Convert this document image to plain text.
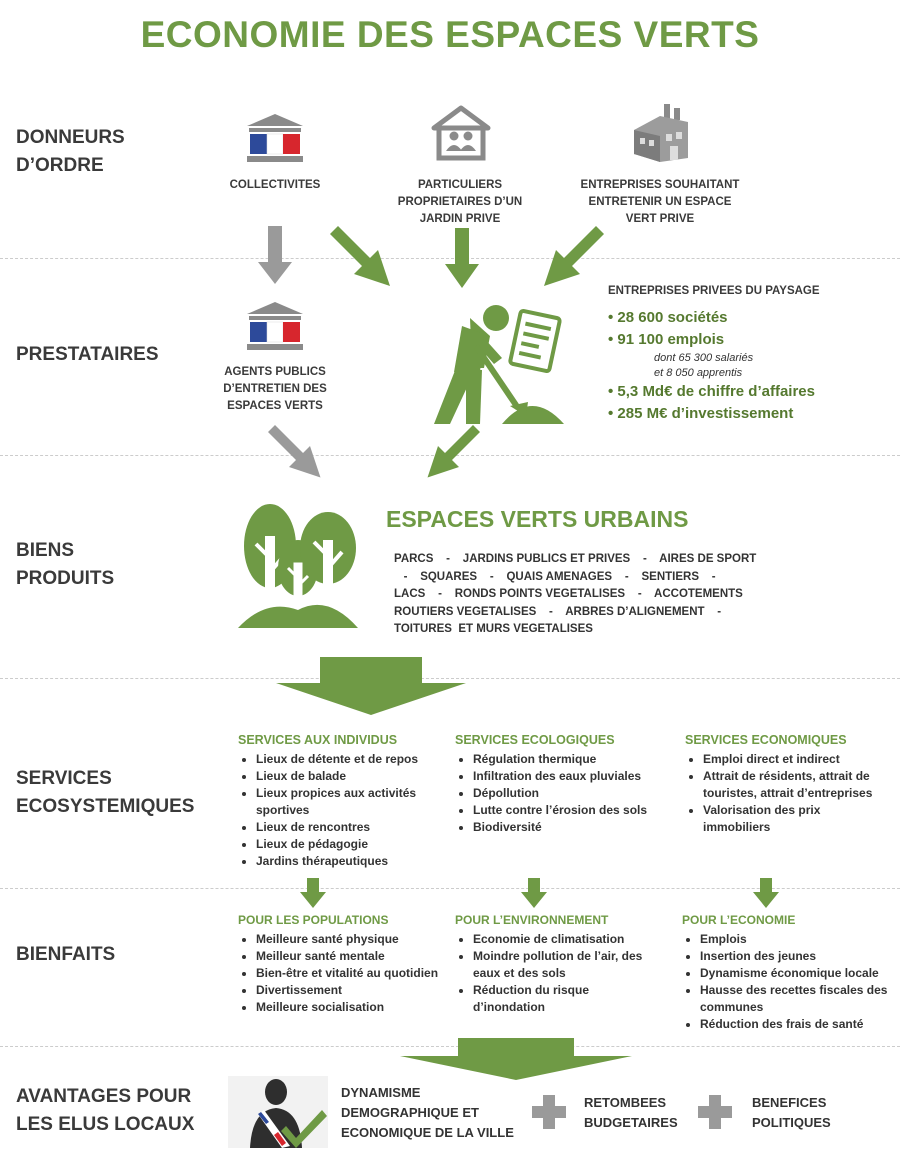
ECONOMIE DES ESPACES VERTS
DONNEURS
D’ORDRE
PRESTATAIRES
BIENS
PRODUITS
SERVICES
ECOSYSTEMIQUES
BIENFAITS
AVANTAGES POUR
LES ELUS LOCAUX
COLLECTIVITES	PARTICULIERS
PROPRIETAIRES D’UN
JARDIN PRIVE
ENTREPRISES SOUHAITANT
ENTRETENIR UN ESPACE
VERT PRIVE
AGENTS PUBLICS
D’ENTRETIEN DES
ESPACES VERTS
ENTREPRISES PRIVEES DU PAYSAGE
• 28 600 sociétés
• 91 100 emplois
dont 65 300 salariés
et 8 050 apprentis
• 5,3 Md€ de chiffre d’affaires
• 285 M€ d’investissement
ESPACES VERTS URBAINS
PARCS    -    JARDINS PUBLICS ET PRIVES    -    AIRES DE SPORT
-    SQUARES    -    QUAIS AMENAGES    -    SENTIERS    -
LACS    -    RONDS POINTS VEGETALISES    -    ACCOTEMENTS
ROUTIERS VEGETALISES    -    ARBRES D’ALIGNEMENT    -
TOITURES  ET MURS VEGETALISES
SERVICES AUX INDIVIDUS
• Lieux de détente et de repos
• Lieux de balade
• Lieux propices aux activités sportives
• Lieux de rencontres
• Lieux de pédagogie
• Jardins thérapeutiques
SERVICES ECOLOGIQUES
• Régulation thermique
• Infiltration des eaux pluviales
• Dépollution
• Lutte contre l’érosion des sols
• Biodiversité
SERVICES ECONOMIQUES
• Emploi direct et indirect
• Attrait de résidents, attrait de touristes, attrait d’entreprises
• Valorisation des prix immobiliers
POUR LES POPULATIONS
• Meilleure santé physique
• Meilleur santé mentale
• Bien-être et vitalité au quotidien
• Divertissement
• Meilleure socialisation
POUR L’ENVIRONNEMENT
• Economie de climatisation
• Moindre pollution de l’air, des eaux et des sols
• Réduction du risque d’inondation
POUR L’ECONOMIE
• Emplois
• Insertion des jeunes
• Dynamisme économique locale
• Hausse des recettes fiscales des communes
• Réduction des frais de santé
DYNAMISME
DEMOGRAPHIQUE ET
ECONOMIQUE DE LA VILLE
RETOMBEES
BUDGETAIRES
BENEFICES
POLITIQUES
